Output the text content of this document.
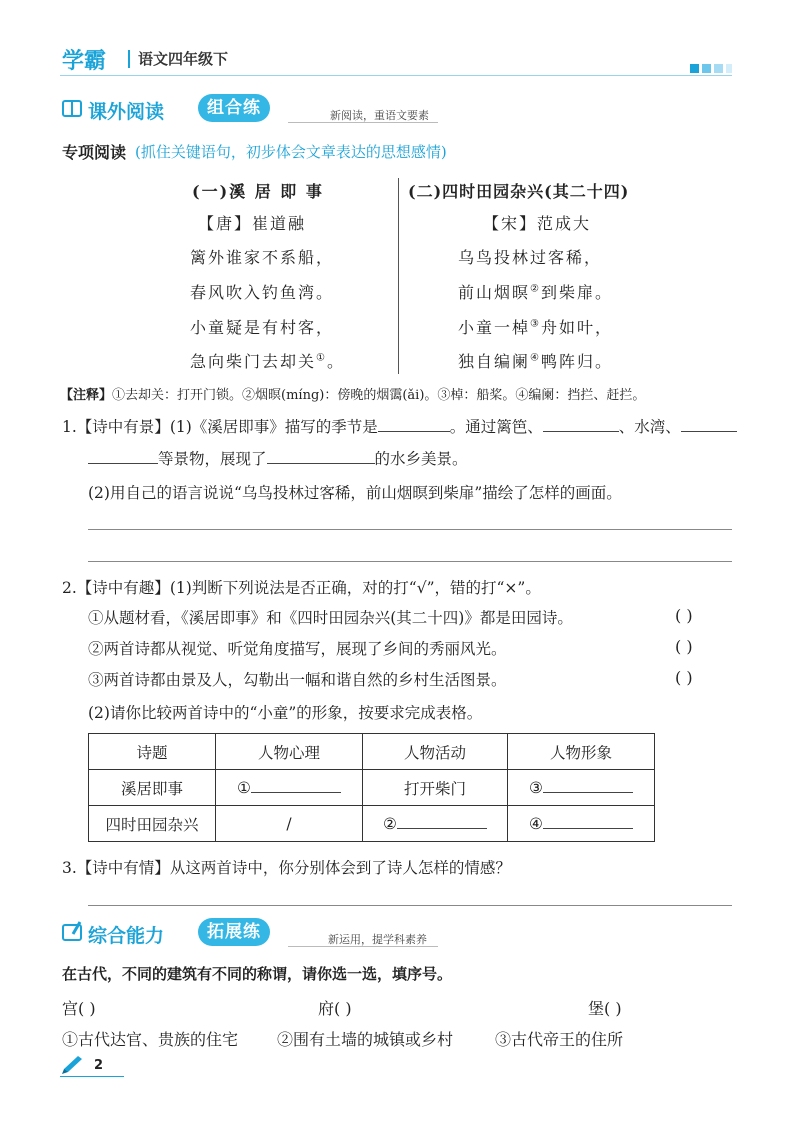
学霸 语文四年级下
课外阅读	组合练	新阅读，重语文要素
专项阅读 (抓住关键语句，初步体会文章表达的思想感情)
(一)溪 居 即 事
【唐】崔道融
篱外谁家不系船，
春风吹入钓鱼湾。
小童疑是有村客，
急向柴门去却关①。
(二)四时田园杂兴(其二十四)
【宋】范成大
乌鸟投林过客稀，
前山烟暝②到柴扉。
小童一棹③舟如叶，
独自编阑④鸭阵归。
【注释】①去却关：打开门锁。②烟暝(míng)：傍晚的烟霭(ǎi)。③棹：船桨。④编阑：挡拦、赶拦。
1.【诗中有景】(1)《溪居即事》描写的季节是	。通过篱笆、	、水湾、
等景物，展现了	的水乡美景。
(2)用自己的语言说说“乌鸟投林过客稀，前山烟暝到柴扉”描绘了怎样的画面。
2.【诗中有趣】(1)判断下列说法是否正确，对的打“√”，错的打“×”。
①从题材看，《溪居即事》和《四时田园杂兴(其二十四)》都是田园诗。	( )
②两首诗都从视觉、听觉角度描写，展现了乡间的秀丽风光。	( )
③两首诗都由景及人，勾勒出一幅和谐自然的乡村生活图景。	( )
(2)请你比较两首诗中的“小童”的形象，按要求完成表格。
诗题	人物心理	人物活动	人物形象
溪居即事	①	打开柴门	③
四时田园杂兴	/	②	④
3.【诗中有情】从这两首诗中，你分别体会到了诗人怎样的情感？
综合能力	拓展练	新运用，提学科素养
在古代，不同的建筑有不同的称谓，请你选一选，填序号。
宫( )	府( )	堡( )
①古代达官、贵族的住宅 ②围有土墙的城镇或乡村	③古代帝王的住所
2
